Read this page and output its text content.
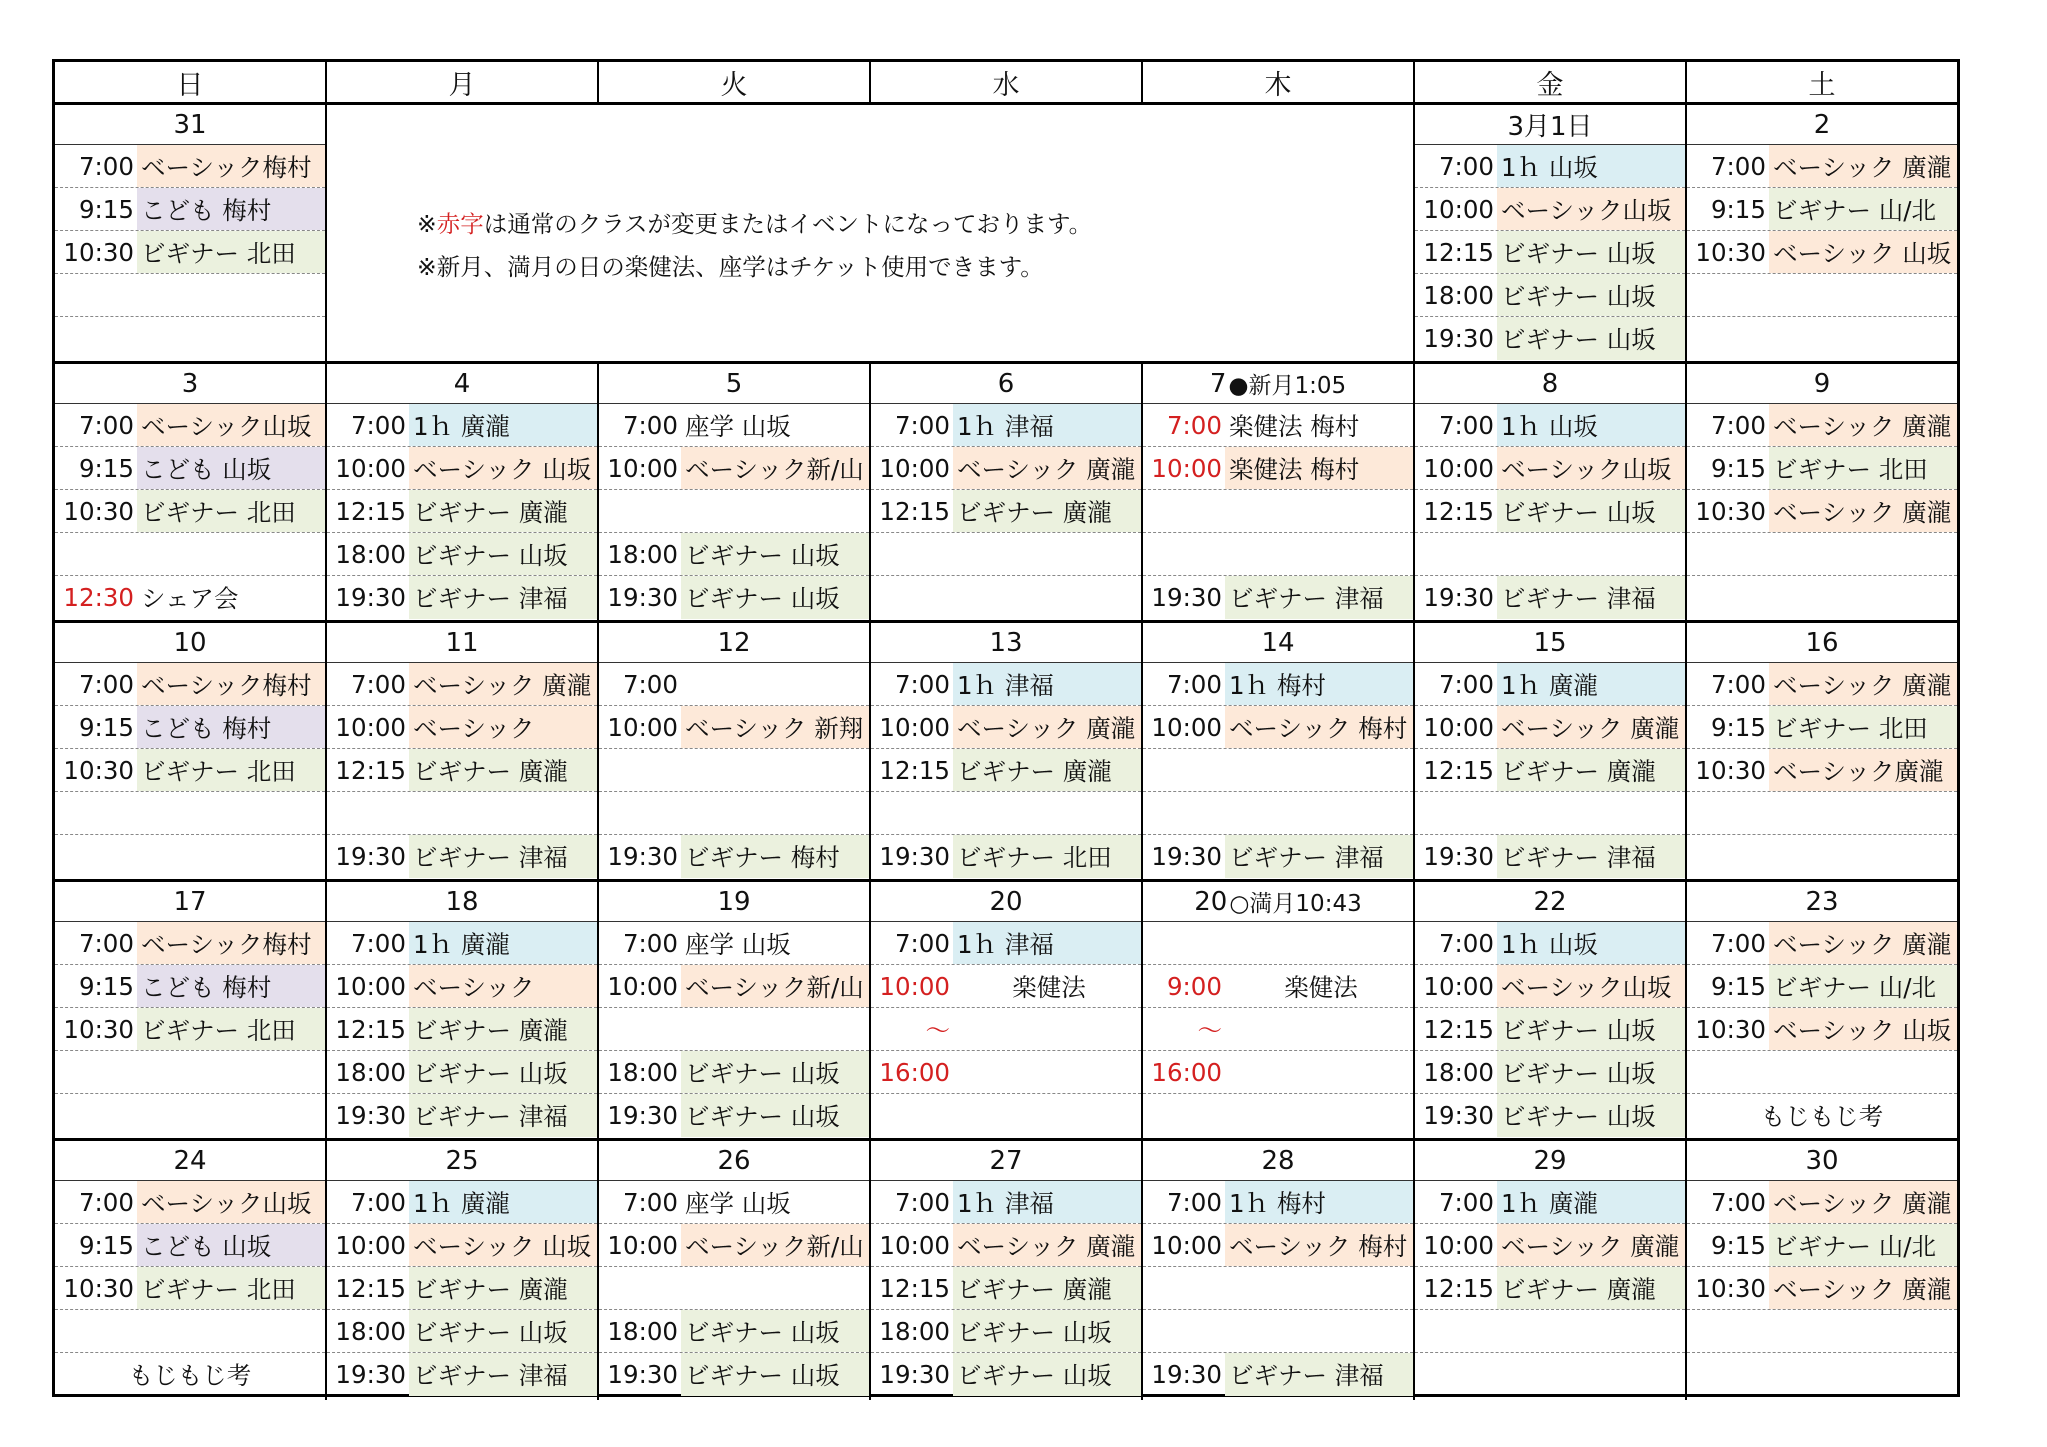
日	月	火	水	木	金	土
31
7:00 ベーシック梅村
9:15 こども 梅村
10:30 ビギナー 北田
※赤字は通常のクラスが変更またはイベントになっております。
※新月、満月の日の楽健法、座学はチケット使用できます。
3月1日
7:00 1ｈ 山坂
10:00 ベーシック山坂
12:15 ビギナー 山坂
18:00 ビギナー 山坂
19:30 ビギナー 山坂
2
7:00 ベーシック 廣瀧
9:15 ビギナー 山/北
10:30 ベーシック 山坂
3
7:00 ベーシック山坂
9:15 こども 山坂
10:30 ビギナー 北田
12:30 シェア会
4
7:00 1ｈ 廣瀧
10:00 ベーシック 山坂
12:15 ビギナー 廣瀧
18:00 ビギナー 山坂
19:30 ビギナー 津福
5
7:00 座学 山坂
10:00 ベーシック新/山
18:00 ビギナー 山坂
19:30 ビギナー 山坂
6
7:00 1ｈ 津福
10:00 ベーシック 廣瀧
12:15 ビギナー 廣瀧
7 ●新月1:05
7:00 楽健法 梅村
10:00 楽健法 梅村
19:30 ビギナー 津福
8
7:00 1ｈ 山坂
10:00 ベーシック山坂
12:15 ビギナー 山坂
19:30 ビギナー 津福
9
7:00 ベーシック 廣瀧
9:15 ビギナー 北田
10:30 ベーシック 廣瀧
10
7:00 ベーシック梅村
9:15 こども 梅村
10:30 ビギナー 北田
11
7:00 ベーシック 廣瀧
10:00 ベーシック
12:15 ビギナー 廣瀧
19:30 ビギナー 津福
12
7:00
10:00 ベーシック 新翔
19:30 ビギナー 梅村
13
7:00 1ｈ 津福
10:00 ベーシック 廣瀧
12:15 ビギナー 廣瀧
19:30 ビギナー 北田
14
7:00 1ｈ 梅村
10:00 ベーシック 梅村
19:30 ビギナー 津福
15
7:00 1ｈ 廣瀧
10:00 ベーシック 廣瀧
12:15 ビギナー 廣瀧
19:30 ビギナー 津福
16
7:00 ベーシック 廣瀧
9:15 ビギナー 北田
10:30 ベーシック廣瀧
17
7:00 ベーシック梅村
9:15 こども 梅村
10:30 ビギナー 北田
18
7:00 1ｈ 廣瀧
10:00 ベーシック
12:15 ビギナー 廣瀧
18:00 ビギナー 山坂
19:30 ビギナー 津福
19
7:00 座学 山坂
10:00 ベーシック新/山
18:00 ビギナー 山坂
19:30 ビギナー 山坂
20
7:00 1ｈ 津福
10:00	楽健法
～
16:00
20 ○満月10:43
9:00	楽健法
～
16:00
22
7:00 1ｈ 山坂
10:00 ベーシック山坂
12:15 ビギナー 山坂
18:00 ビギナー 山坂
19:30 ビギナー 山坂
23
7:00 ベーシック 廣瀧
9:15 ビギナー 山/北
10:30 ベーシック 山坂
もじもじ考
24
7:00 ベーシック山坂
9:15 こども 山坂
10:30 ビギナー 北田
もじもじ考
25
7:00 1ｈ 廣瀧
10:00 ベーシック 山坂
12:15 ビギナー 廣瀧
18:00 ビギナー 山坂
19:30 ビギナー 津福
26
7:00 座学 山坂
10:00 ベーシック新/山
18:00 ビギナー 山坂
19:30 ビギナー 山坂
27
7:00 1ｈ 津福
10:00 ベーシック 廣瀧
12:15 ビギナー 廣瀧
18:00 ビギナー 山坂
19:30 ビギナー 山坂
28
7:00 1ｈ 梅村
10:00 ベーシック 梅村
19:30 ビギナー 津福
29
7:00 1ｈ 廣瀧
10:00 ベーシック 廣瀧
12:15 ビギナー 廣瀧
30
7:00 ベーシック 廣瀧
9:15 ビギナー 山/北
10:30 ベーシック 廣瀧
